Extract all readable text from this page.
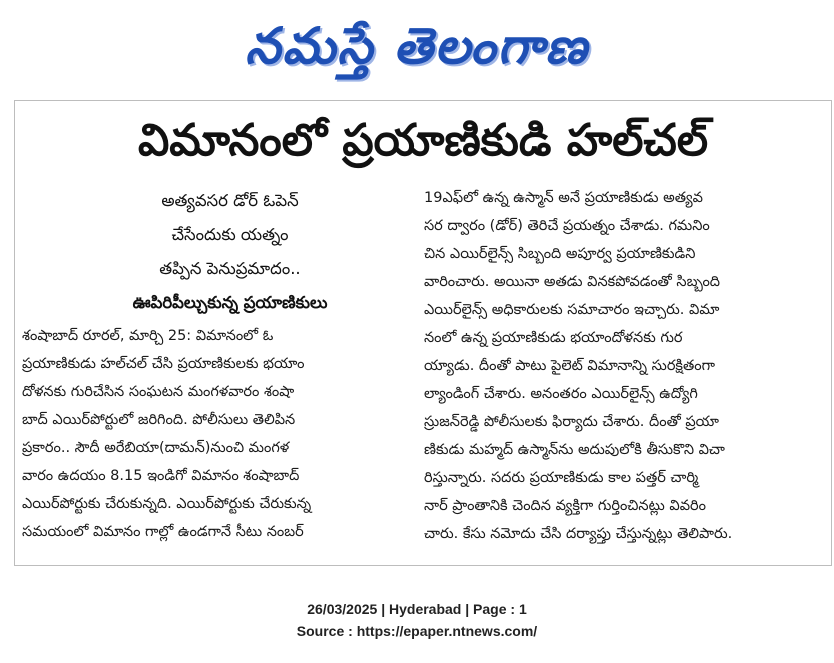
నమస్తే తెలంగాణ
విమానంలో ప్రయాణికుడి హల్‌చల్
అత్యవసర డోర్ ఓపెన్
చేసేందుకు యత్నం
తప్పిన పెనుప్రమాదం..
ఊపిరిపీల్చుకున్న ప్రయాణికులు
శంషాబాద్ రూరల్, మార్చి 25: విమానంలో ఓ
ప్రయాణికుడు హల్‌చల్ చేసి ప్రయాణికులకు భయాం
దోళనకు గురిచేసిన సంఘటన మంగళవారం శంషా
బాద్ ఎయిర్‌పోర్టులో జరిగింది. పోలీసులు తెలిపిన
ప్రకారం.. సౌదీ అరేబియా(దామన్)నుంచి మంగళ
వారం ఉదయం 8.15 ఇండిగో విమానం శంషాబాద్
ఎయిర్‌పోర్టుకు చేరుకున్నది. ఎయిర్‌పోర్టుకు చేరుకున్న
సమయంలో విమానం గాల్లో ఉండగానే సీటు నంబర్
19ఎఫ్‌లో ఉన్న ఉస్మాన్ అనే ప్రయాణికుడు అత్యవ
సర ద్వారం (డోర్) తెరిచే ప్రయత్నం చేశాడు. గమనిం
చిన ఎయిర్‌లైన్స్ సిబ్బంది అపూర్వ ప్రయాణికుడిని
వారించారు. అయినా అతడు వినకపోవడంతో సిబ్బంది
ఎయిర్‌లైన్స్ అధికారులకు సమాచారం ఇచ్చారు. విమా
నంలో ఉన్న ప్రయాణికుడు భయాందోళనకు గుర
య్యాడు. దీంతో పాటు పైలెట్ విమానాన్ని సురక్షితంగా
ల్యాండింగ్ చేశారు. అనంతరం ఎయిర్‌లైన్స్ ఉద్యోగి
స్రుజన్‌రెడ్డి పోలీసులకు ఫిర్యాదు చేశారు. దీంతో ప్రయా
ణికుడు మహ్మద్ ఉస్మాన్‌ను అదుపులోకి తీసుకొని విచా
రిస్తున్నారు. సదరు ప్రయాణికుడు కాల పత్తర్ చార్మి
నార్ ప్రాంతానికి చెందిన వ్యక్తిగా గుర్తించినట్లు వివరిం
చారు. కేసు నమోదు చేసి దర్యాప్తు చేస్తున్నట్లు తెలిపారు.
26/03/2025 | Hyderabad | Page : 1
Source : https://epaper.ntnews.com/
